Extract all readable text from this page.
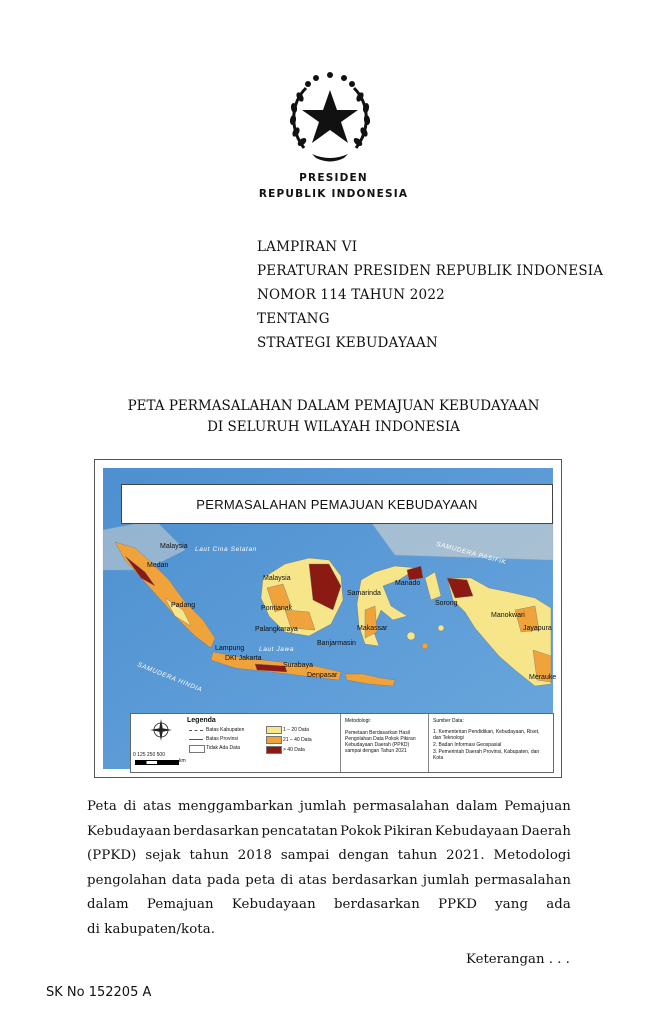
PRESIDEN
REPUBLIK INDONESIA
LAMPIRAN VI
PERATURAN PRESIDEN REPUBLIK INDONESIA
NOMOR 114 TAHUN 2022
TENTANG
STRATEGI KEBUDAYAAN
PETA PERMASALAHAN DALAM PEMAJUAN KEBUDAYAAN
DI SELURUH WILAYAH INDONESIA
PERMASALAHAN PEMAJUAN KEBUDAYAAN
Malaysia
Medan
Malaysia
Padang	Pontianak
Palangkaraya
Samarinda
Banjarmasin
Manado
Sorong
Manokwari
Jayapura
Lampung
DKI Jakarta
Surabaya
Denpasar
Makassar
Merauke
Laut Cina Selatan
Laut Jawa
SAMUDERA PASIFIK
SAMUDERA HINDIA
0 125 250 500
km
Legenda
Batas Kabupaten
Batas Provinsi
Tidak Ada Data
1 – 20 Data
21 – 40 Data
> 40 Data
Metodologi:
Pemetaan Berdasarkan Hasil Pengolahan Data Pokok Pikiran Kebudayaan Daerah (PPKD) sampai dengan Tahun 2021
Sumber Data:
1. Kementerian Pendidikan, Kebudayaan, Riset, dan Teknologi
2. Badan Informasi Geospasial
3. Pemerintah Daerah Provinsi, Kabupaten, dan Kota
Peta di atas menggambarkan jumlah permasalahan dalam Pemajuan
Kebudayaan berdasarkan pencatatan Pokok Pikiran Kebudayaan Daerah
(PPKD) sejak tahun 2018 sampai dengan tahun 2021. Metodologi
pengolahan data pada peta di atas berdasarkan jumlah permasalahan
dalam Pemajuan Kebudayaan berdasarkan PPKD yang ada
di kabupaten/kota.
Keterangan . . .
SK No 152205 A
